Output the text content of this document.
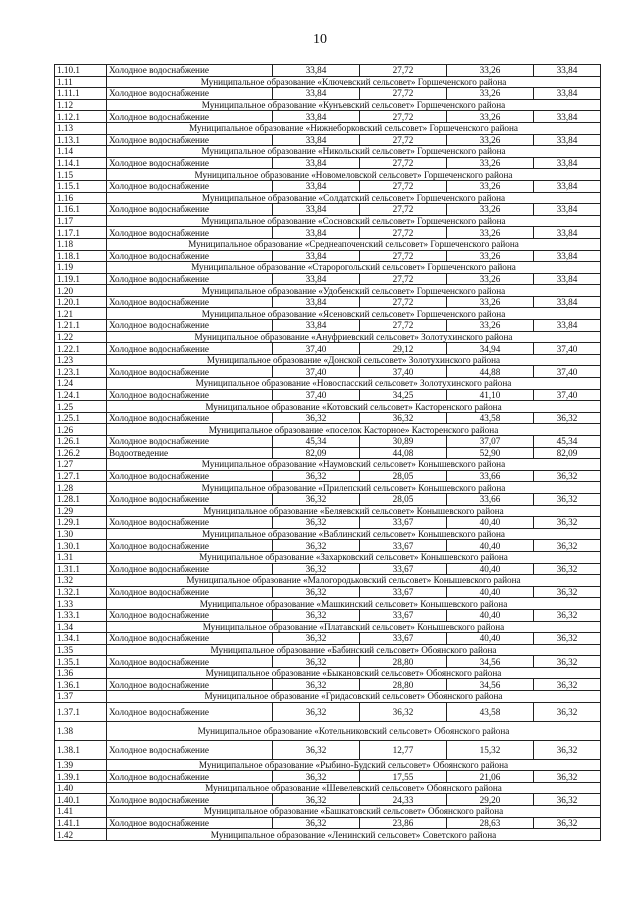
10
1.10.1	Холодное водоснабжение	33,84	27,72	33,26	33,84
1.11	Муниципальное образование «Ключевский сельсовет» Горшеченского района				
1.11.1	Холодное водоснабжение	33,84	27,72	33,26	33,84
1.12	Муниципальное образование «Кунъевский сельсовет» Горшеченского района				
1.12.1	Холодное водоснабжение	33,84	27,72	33,26	33,84
1.13	Муниципальное образование «Нижнеборковский сельсовет» Горшеченского района				
1.13.1	Холодное водоснабжение	33,84	27,72	33,26	33,84
1.14	Муниципальное образование «Никольский сельсовет» Горшеченского района				
1.14.1	Холодное водоснабжение	33,84	27,72	33,26	33,84
1.15	Муниципальное образование «Новомеловской сельсовет» Горшеченского района				
1.15.1	Холодное водоснабжение	33,84	27,72	33,26	33,84
1.16	Муниципальное образование «Солдатский сельсовет» Горшеченского района				
1.16.1	Холодное водоснабжение	33,84	27,72	33,26	33,84
1.17	Муниципальное образование «Сосновский сельсовет» Горшеченского района				
1.17.1	Холодное водоснабжение	33,84	27,72	33,26	33,84
1.18	Муниципальное образование «Среднеапоченский сельсовет» Горшеченского района				
1.18.1	Холодное водоснабжение	33,84	27,72	33,26	33,84
1.19	Муниципальное образование «Старорогольский сельсовет» Горшеченского района				
1.19.1	Холодное водоснабжение	33,84	27,72	33,26	33,84
1.20	Муниципальное образование «Удобенский сельсовет» Горшеченского района				
1.20.1	Холодное водоснабжение	33,84	27,72	33,26	33,84
1.21	Муниципальное образование «Ясеновский сельсовет» Горшеченского района				
1.21.1	Холодное водоснабжение	33,84	27,72	33,26	33,84
1.22	Муниципальное образование «Ануфриевский сельсовет» Золотухинского района				
1.22.1	Холодное водоснабжение	37,40	29,12	34,94	37,40
1.23	Муниципальное образование «Донской сельсовет» Золотухинского района				
1.23.1	Холодное водоснабжение	37,40	37,40	44,88	37,40
1.24	Муниципальное образование «Новоспасский сельсовет» Золотухинского района				
1.24.1	Холодное водоснабжение	37,40	34,25	41,10	37,40
1.25	Муниципальное образование «Котовский сельсовет» Касторенского района				
1.25.1	Холодное водоснабжение	36,32	36,32	43,58	36,32
1.26	Муниципальное образование «поселок Касторное» Касторенского района				
1.26.1	Холодное водоснабжение	45,34	30,89	37,07	45,34
1.26.2	Водоотведение	82,09	44,08	52,90	82,09
1.27	Муниципальное образование «Наумовский сельсовет» Конышевского района				
1.27.1	Холодное водоснабжение	36,32	28,05	33,66	36,32
1.28	Муниципальное образование «Прилепский сельсовет» Конышевского района				
1.28.1	Холодное водоснабжение	36,32	28,05	33,66	36,32
1.29	Муниципальное образование «Беляевский сельсовет» Конышевского района				
1.29.1	Холодное водоснабжение	36,32	33,67	40,40	36,32
1.30	Муниципальное образование «Ваблинский сельсовет» Конышевского района				
1.30.1	Холодное водоснабжение	36,32	33,67	40,40	36,32
1.31	Муниципальное образование «Захарковский сельсовет» Конышевского района				
1.31.1	Холодное водоснабжение	36,32	33,67	40,40	36,32
1.32	Муниципальное образование «Малогородьковский сельсовет» Конышевского района				
1.32.1	Холодное водоснабжение	36,32	33,67	40,40	36,32
1.33	Муниципальное образование «Машкинский сельсовет» Конышевского района				
1.33.1	Холодное водоснабжение	36,32	33,67	40,40	36,32
1.34	Муниципальное образование «Платавский сельсовет» Конышевского района				
1.34.1	Холодное водоснабжение	36,32	33,67	40,40	36,32
1.35	Муниципальное образование «Бабинский сельсовет» Обоянского района				
1.35.1	Холодное водоснабжение	36,32	28,80	34,56	36,32
1.36	Муниципальное образование «Быкановский сельсовет» Обоянского района				
1.36.1	Холодное водоснабжение	36,32	28,80	34,56	36,32
1.37	Муниципальное образование «Гридасовский сельсовет» Обоянского района				
1.37.1	Холодное водоснабжение	36,32	36,32	43,58	36,32
1.38	Муниципальное образование «Котельниковский сельсовет» Обоянского района				
1.38.1	Холодное водоснабжение	36,32	12,77	15,32	36,32
1.39	Муниципальное образование «Рыбино-Будский сельсовет» Обоянского района				
1.39.1	Холодное водоснабжение	36,32	17,55	21,06	36,32
1.40	Муниципальное образование «Шевелевский сельсовет» Обоянского района				
1.40.1	Холодное водоснабжение	36,32	24,33	29,20	36,32
1.41	Муниципальное образование «Башкатовский сельсовет» Обоянского района				
1.41.1	Холодное водоснабжение	36,32	23,86	28,63	36,32
1.42	Муниципальное образование «Ленинский сельсовет» Советского района				
